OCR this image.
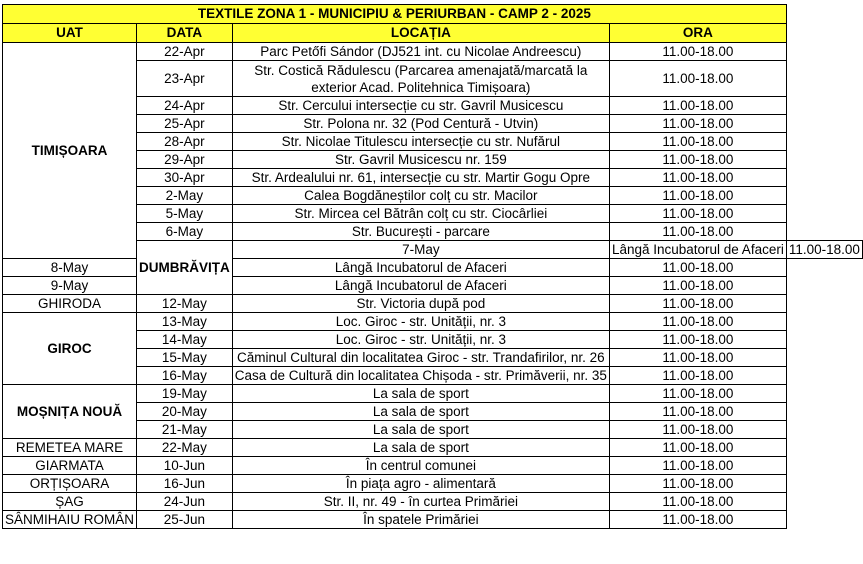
TEXTILE ZONA 1 - MUNICIPIU & PERIURBAN - CAMP 2 - 2025				
UAT	DATA	LOCAȚIA	ORA	
TIMIȘOARA	22-Apr	Parc Petőfi Sándor (DJ521 int. cu Nicolae Andreescu)	11.00-18.00	
	23-Apr	Str. Costică Rădulescu (Parcarea amenajată/marcată la exterior Acad. Politehnica Timișoara)	11.00-18.00	
	24-Apr	Str. Cercului intersecție cu str. Gavril Musicescu	11.00-18.00	
	25-Apr	Str. Polona nr. 32 (Pod Centură - Utvin)	11.00-18.00	
	28-Apr	Str. Nicolae Titulescu intersecție cu str. Nufărul	11.00-18.00	
	29-Apr	Str. Gavril Musicescu nr. 159	11.00-18.00	
	30-Apr	Str. Ardealului nr. 61, intersecție cu str. Martir Gogu Opre	11.00-18.00	
	2-May	Calea Bogdăneștilor colț cu str. Macilor	11.00-18.00	
	5-May	Str. Mircea cel Bătrân colț cu str. Ciocârliei	11.00-18.00	
	6-May	Str. București - parcare	11.00-18.00	
	DUMBRĂVIȚA	7-May	Lângă Incubatorul de Afaceri	11.00-18.00
8-May		Lângă Incubatorul de Afaceri	11.00-18.00	
9-May		Lângă Incubatorul de Afaceri	11.00-18.00	
GHIRODA	12-May	Str. Victoria după pod	11.00-18.00	
GIROC	13-May	Loc. Giroc - str. Unității, nr. 3	11.00-18.00	
	14-May	Loc. Giroc - str. Unității, nr. 3	11.00-18.00	
	15-May	Căminul Cultural din localitatea Giroc - str. Trandafirilor, nr. 26	11.00-18.00	
	16-May	Casa de Cultură din localitatea Chișoda - str. Primăverii, nr. 35	11.00-18.00	
MOȘNIȚA NOUĂ	19-May	La sala de sport	11.00-18.00	
	20-May	La sala de sport	11.00-18.00	
	21-May	La sala de sport	11.00-18.00	
REMETEA MARE	22-May	La sala de sport	11.00-18.00	
GIARMATA	10-Jun	În centrul comunei	11.00-18.00	
ORȚIȘOARA	16-Jun	În piața agro - alimentară	11.00-18.00	
ȘAG	24-Jun	Str. II, nr. 49 - în curtea Primăriei	11.00-18.00	
SÂNMIHAIU ROMÂN	25-Jun	În spatele Primăriei	11.00-18.00	
